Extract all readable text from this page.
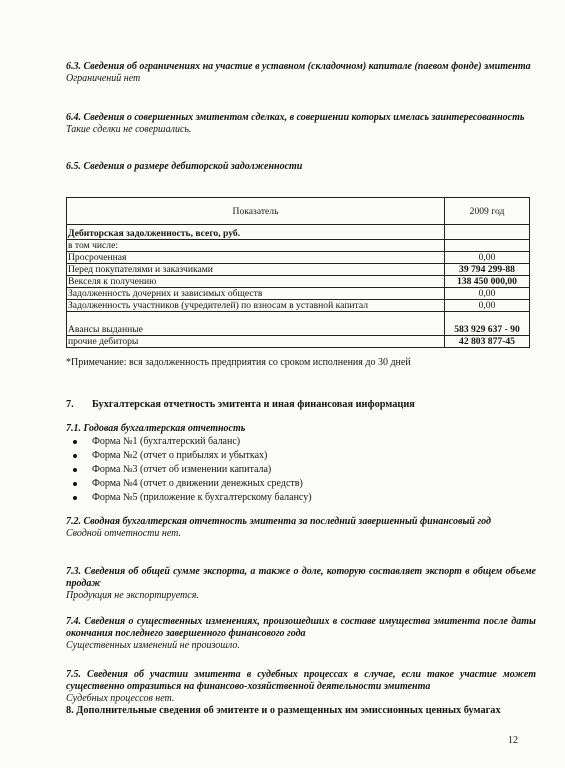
6.3. Сведения об ограничениях на участие в уставном (складочном) капитале (паевом фонде) эмитента
Ограничений нет
6.4. Сведения о совершенных эмитентом сделках, в совершении которых имелась заинтересованность
Такие сделки не совершались.
6.5. Сведения о размере дебиторской задолженности
Показатель	2009 год
Дебиторская задолженность, всего, руб.	
в том числе:	
Просроченная	0,00
Перед покупателями и заказчиками	39 794 299-88
Векселя к получению	138 450 000,00
Задолженность дочерних и зависимых обществ	0,00
Задолженность участников (учредителей) по взносам в уставной капитал	0,00
Авансы выданные	583 929 637 - 90
прочие дебиторы	42 803 877-45
*Примечание: вся задолженность предприятия со сроком исполнения до 30 дней
7. Бухгалтерская отчетность эмитента и иная финансовая информация
7.1. Годовая бухгалтерская отчетность
Форма №1 (бухгалтерский баланс)
Форма №2 (отчет о прибылях и убытках)
Форма №3 (отчет об изменении капитала)
Форма №4 (отчет о движении денежных средств)
Форма №5 (приложение к бухгалтерскому балансу)
7.2. Сводная бухгалтерская отчетность эмитента за последний завершенный финансовый год
Сводной отчетности нет.
7.3. Сведения об общей сумме экспорта, а также о доле, которую составляет экспорт в общем объеме продаж
Продукция не экспортируется.
7.4. Сведения о существенных изменениях, произошедших в составе имущества эмитента после даты окончания последнего завершенного финансового года
Существенных изменений не произошло.
7.5. Сведения об участии эмитента в судебных процессах в случае, если такое участие может существенно отразиться на финансово-хозяйственной деятельности эмитента
Судебных процессов нет.
8. Дополнительные сведения об эмитенте и о размещенных им эмиссионных ценных бумагах
12
